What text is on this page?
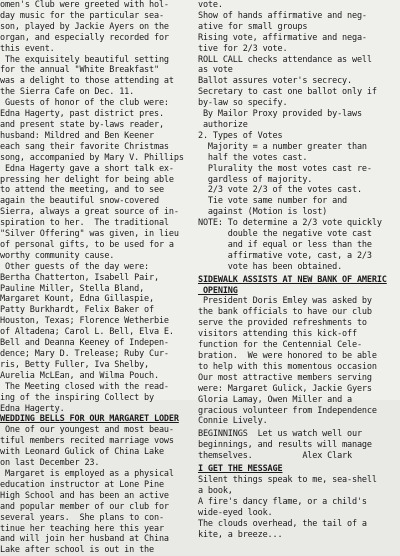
omen's Club were greeted with hol-
day music for the particular sea-
son, played by Jackie Ayers on the
organ, and especially recorded for
this event.
The exquisitely beautiful setting
for the annual "White Breakfast"
was a delight to those attending at
the Sierra Cafe on Dec. 11.
Guests of honor of the club were:
Edna Hagerty, past district pres.
and present state by-laws reader,
husband: Mildred and Ben Keener
each sang their favorite Christmas
song, accompanied by Mary V. Phillips
Edna Hagerty gave a short talk ex-
pressing her delight for being able
to attend the meeting, and to see
again the beautiful snow-covered
Sierra, always a great source of in-
spiration to her.  The traditional
"Silver Offering" was given, in lieu
of personal gifts, to be used for a
worthy community cause.
Other guests of the day were:
Bertha Chatterton, Isabell Pair,
Pauline Miller, Stella Bland,
Margaret Kount, Edna Gillaspie,
Patty Burkhardt, Felix Baker of
Houston, Texas; Florence Wetherbie
of Altadena; Carol L. Bell, Elva E.
Bell and Deanna Keeney of Indepen-
dence; Mary D. Trelease; Ruby Cur-
ris, Betty Fuller, Iva Shelby,
Aurelia McLEan, and Wilma Pouch.
The Meeting closed with the read-
ing of the inspiring Collect by
Edna Hagerty.
WEDDING BELLS FOR OUR MARGARET LODER
One of our youngest and most beau-
tiful members recited marriage vows
with Leonard Gulick of China Lake
on last December 23.
Margaret is employed as a physical
education instructor at Lone Pine
High School and has been an active
and popular member of our club for
several years.  She plans to con-
tinue her teaching here this year
and will join her husband at China
Lake after school is out in the
vote.
Show of hands affirmative and neg-
ative for small groups
Rising vote, affirmative and nega-
tive for 2/3 vote.
ROLL CALL checks attendance as well
as vote
Ballot assures voter's secrecy.
Secretary to cast one ballot only if
by-law so specify.
By Mailor Proxy provided by-laws
authorize
2. Types of Votes
Majority = a number greater than
half the votes cast.
Plurality the most votes cast re-
gardless of majority.
2/3 vote 2/3 of the votes cast.
Tie vote same number for and
against (Motion is lost)
NOTE: To determine a 2/3 vote quickly
double the negative vote cast
and if equal or less than the
affirmative vote, cast, a 2/3
vote has been obtained.
SIDEWALK ASSISTS AT NEW BANK OF AMERIC
OPENING
President Doris Emley was asked by
the bank officials to have our club
serve the provided refreshments to
visitors attending this kick-off
function for the Centennial Cele-
bration.  We were honored to be able
to help with this momentous occasion
Our most attractive members serving
were: Margaret Gulick, Jackie Gyers
Gloria Lamay, Owen Miller and a
gracious volunteer from Independence
Connie Lively.
BEGINNINGS  Let us watch well our
beginnings, and results will manage
themselves.          Alex Clark
I GET THE MESSAGE
Silent things speak to me, sea-shell
a book,
A fire's dancy flame, or a child's
wide-eyed look.
The clouds overhead, the tail of a
kite, a breeze...
